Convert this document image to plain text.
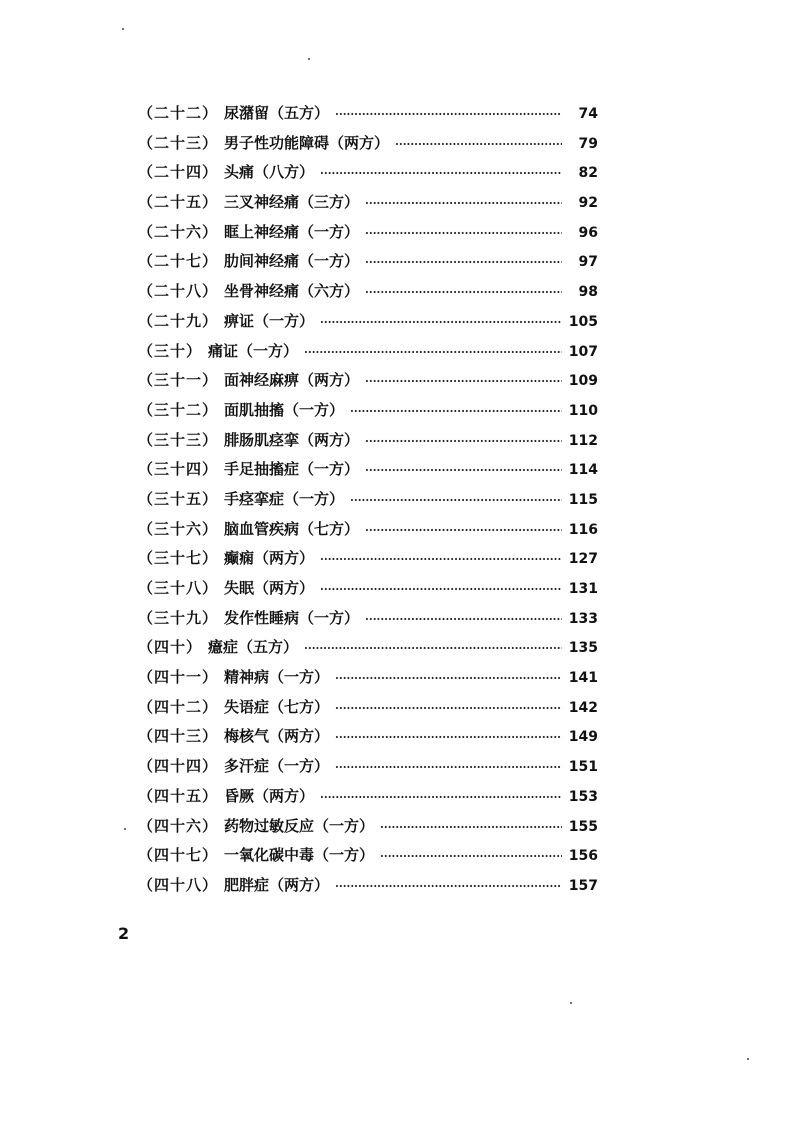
（二十二） 尿潴留（五方） ·····	74
（二十三） 男子性功能障碍（两方） ·····	79
（二十四） 头痛（八方） ·····	82
（二十五） 三叉神经痛（三方） ·····	92
（二十六） 眶上神经痛（一方） ·····	96
（二十七） 肋间神经痛（一方） ·····	97
（二十八） 坐骨神经痛（六方） ·····	98
（二十九） 痹证（一方） ·····	105
（三十） 痛证（一方） ·····	107
（三十一） 面神经麻痹（两方） ·····	109
（三十二） 面肌抽搐（一方） ·····	110
（三十三） 腓肠肌痉挛（两方） ·····	112
（三十四） 手足抽搐症（一方） ·····	114
（三十五） 手痉挛症（一方） ·····	115
（三十六） 脑血管疾病（七方） ·····	116
（三十七） 癫痫（两方） ·····	127
（三十八） 失眠（两方） ·····	131
（三十九） 发作性睡病（一方） ·····	133
（四十） 癔症（五方） ·····	135
（四十一） 精神病（一方） ·····	141
（四十二） 失语症（七方） ·····	142
（四十三） 梅核气（两方） ·····	149
（四十四） 多汗症（一方） ·····	151
（四十五） 昏厥（两方） ·····	153
（四十六） 药物过敏反应（一方） ·····	155
（四十七） 一氧化碳中毒（一方） ·····	156
（四十八） 肥胖症（两方） ·····	157
2
